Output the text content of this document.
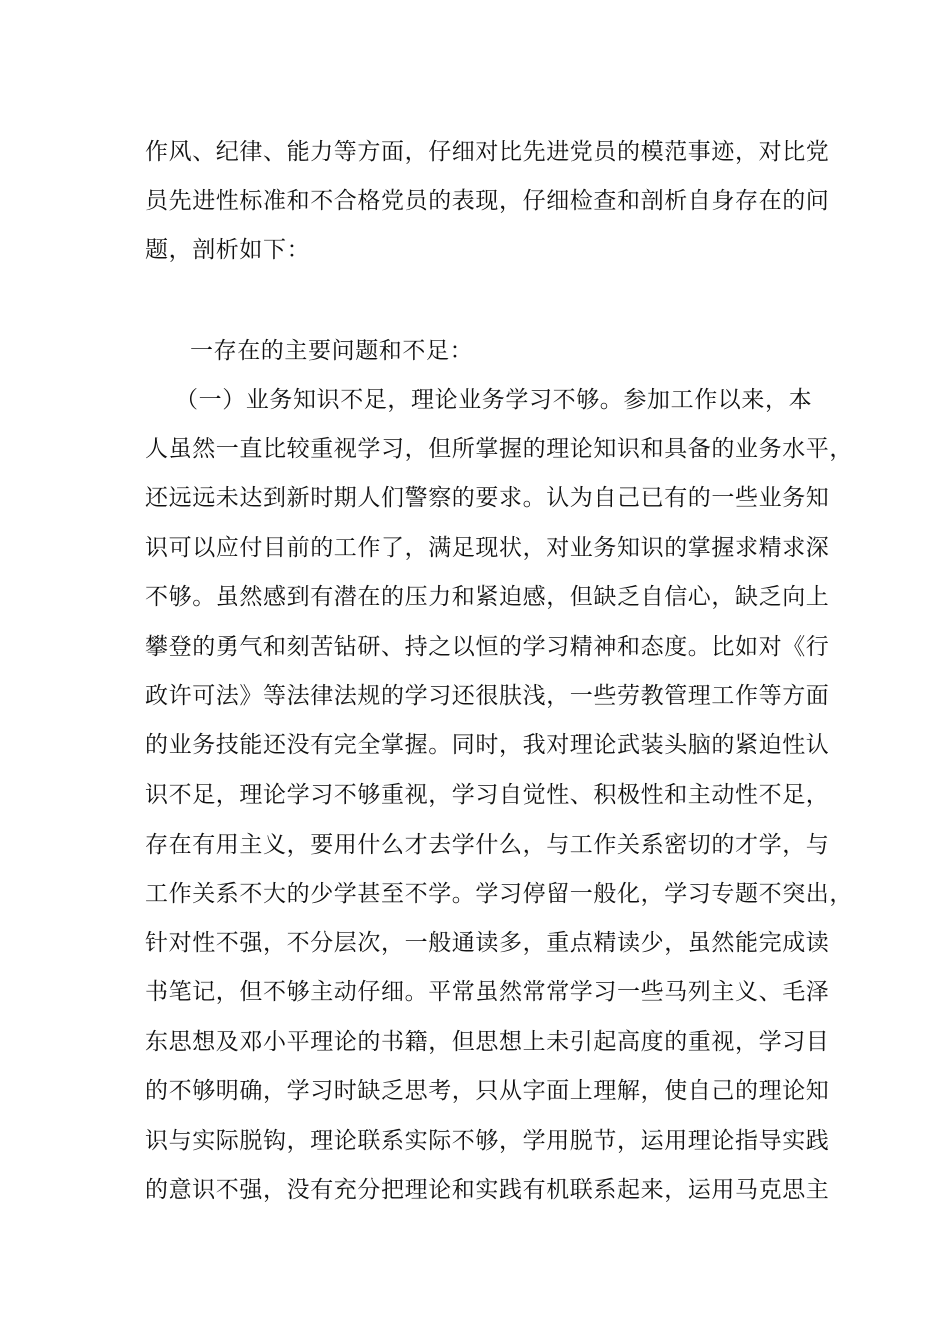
作风、纪律、能力等方面，仔细对比先进党员的模范事迹，对比党
员先进性标准和不合格党员的表现，仔细检查和剖析自身存在的问
题，剖析如下：
一存在的主要问题和不足：
（一）业务知识不足，理论业务学习不够。参加工作以来，本
人虽然一直比较重视学习，但所掌握的理论知识和具备的业务水平，
还远远未达到新时期人们警察的要求。认为自己已有的一些业务知
识可以应付目前的工作了，满足现状，对业务知识的掌握求精求深
不够。虽然感到有潜在的压力和紧迫感，但缺乏自信心，缺乏向上
攀登的勇气和刻苦钻研、持之以恒的学习精神和态度。比如对《行
政许可法》等法律法规的学习还很肤浅，一些劳教管理工作等方面
的业务技能还没有完全掌握。同时，我对理论武装头脑的紧迫性认
识不足，理论学习不够重视，学习自觉性、积极性和主动性不足，
存在有用主义，要用什么才去学什么，与工作关系密切的才学，与
工作关系不大的少学甚至不学。学习停留一般化，学习专题不突出，
针对性不强，不分层次，一般通读多，重点精读少，虽然能完成读
书笔记，但不够主动仔细。平常虽然常常学习一些马列主义、毛泽
东思想及邓小平理论的书籍，但思想上未引起高度的重视，学习目
的不够明确，学习时缺乏思考，只从字面上理解，使自己的理论知
识与实际脱钩，理论联系实际不够，学用脱节，运用理论指导实践
的意识不强，没有充分把理论和实践有机联系起来，运用马克思主
